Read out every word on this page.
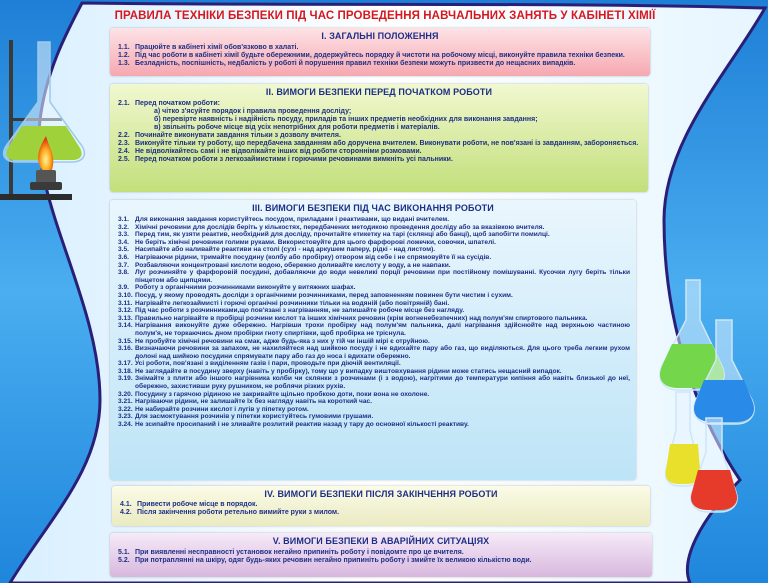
ПРАВИЛА ТЕХНІКИ БЕЗПЕКИ ПІД ЧАС ПРОВЕДЕННЯ НАВЧАЛЬНИХ ЗАНЯТЬ У КАБІНЕТІ ХІМІЇ
І. ЗАГАЛЬНІ ПОЛОЖЕННЯ
1.1. Працюйте в кабінеті хімії обов'язково в халаті.
1.2. Під час роботи в кабінеті хімії будьте обережними, додержуйтесь порядку й чистоти на робочому місці, виконуйте правила техніки безпеки.
1.3. Безладність, поспішність, недбалість у роботі й порушення правил техніки безпеки можуть призвести до нещасних випадків.
ІІ. ВИМОГИ БЕЗПЕКИ ПЕРЕД ПОЧАТКОМ РОБОТИ
2.1. Перед початком роботи:
а) чітко з'ясуйте порядок і правила проведення досліду;
б) перевірте наявність і надійність посуду, приладів та інших предметів необхідних для виконання завдання;
в) звільніть робоче місце від усіх непотрібних для роботи предметів і матеріалів.
2.2. Починайте виконувати завдання тільки з дозволу вчителя.
2.3. Виконуйте тільки ту роботу, що передбачена завданням або доручена вчителем. Виконувати роботи, не пов'язані із завданням, забороняється.
2.4. Не відволікайтесь самі і не відволікайте інших від роботи сторонніми розмовами.
2.5. Перед початком роботи з легкозаймистими і горючими речовинами вимкніть усі пальники.
ІІІ. ВИМОГИ БЕЗПЕКИ ПІД ЧАС ВИКОНАННЯ РОБОТИ
3.1. Для виконання завдання користуйтесь посудом, приладами і реактивами, що видані вчителем.
3.2. Хімічні речовини для дослідів беріть у кількостях, передбачених методикою проведення досліду або за вказівкою вчителя.
3.3. Перед тим, як узяти реактив, необхідний для досліду, прочитайте етикетку на тарі (склянці або банці), щоб запобігти помилці.
3.4. Не беріть хімічні речовини голими руками. Використовуйте для цього фарфорові ложечки, совочки, шпателі.
3.5. Насипайте або наливайте реактиви на столі (сухі - над аркушем паперу, рідкі - над листом).
3.6. Нагріваючи рідини, тримайте посудину (колбу або пробірку) отвором від себе і не спрямовуйте її на сусідів.
3.7. Розбавляючи концентровані кислоти водою, обережно доливайте кислоту у воду, а не навпаки.
3.8. Луг розчиняйте у фарфоровій посудині, добавляючи до води невеликі порції речовини при постійному помішуванні. Кусочки лугу беріть тільки пінцетом або щипцями.
3.9. Роботу з органічними розчинниками виконуйте у витяжних шафах.
3.10. Посуд, у якому проводять досліди з органічними розчинниками, перед заповненням повинен бути чистим і сухим.
3.11. Нагрівайте легкозаймисті і горючі органічні розчинники тільки на водяній (або повітряній) бані.
3.12. Під час роботи з розчинниками,що пов'язані з нагріванням, не залишайте робоче місце без нагляду.
3.13. Правильно нагрівайте в пробірці розчини кислот та інших хімічних речовин (крім вогненебезпечних) над полум'ям спиртового пальника.
3.14. Нагрівання виконуйте дуже обережно. Нагрівши трохи пробірку над полум'ям пальника, далі нагрівання здійснюйте над верхньою частиною полум'я, не торкаючись дном пробірки гноту спиртівки, щоб пробірка не тріснула.
3.15. Не пробуйте хімічні речовини на смак, адже будь-яка з них у тій чи іншій мірі є отруйною.
3.16. Визначаючи речовини за запахом, не нахиляйтеся над шийкою посуду і не вдихайте пару або газ, що виділяються. Для цього треба легким рухом долоні над шийкою посудини спрямувати пару або газ до носа і вдихати обережно.
3.17. Усі роботи, пов'язані з виділенням газів і пари, проводьте при діючій вентиляції.
3.18. Не заглядайте в посудину зверху (навіть у пробірку), тому що у випадку виштовхування рідини може статись нещасний випадок.
3.19. Знімайте з плити або іншого нагрівника колби чи склянки з розчинами (і з водою), нагрітими до температури кипіння або навіть близької до неї, обережно, захистивши руку рушником, не роблячи різких рухів.
3.20. Посудину з гарячою рідиною не закривайте щільно пробкою доти, поки вона не охолоне.
3.21. Нагріваючи рідини, не залишайте їх без нагляду навіть на короткий час.
3.22. Не набирайте розчини кислот і лугів у піпетку ротом.
3.23. Для засмоктування розчинів у піпетки користуйтесь гумовими грушами.
3.24. Не зсипайте просипаний і не зливайте розлитий реактив назад у тару до основної кількості реактиву.
IV. ВИМОГИ БЕЗПЕКИ ПІСЛЯ ЗАКІНЧЕННЯ РОБОТИ
4.1. Привести робоче місце в порядок.
4.2. Після закінчення роботи ретельно вимийте руки з милом.
V. ВИМОГИ БЕЗПЕКИ В АВАРІЙНИХ СИТУАЦІЯХ
5.1. При виявленні несправності установок негайно припиніть роботу і повідомте про це вчителя.
5.2. При потраплянні на шкіру, одяг будь-яких речовин негайно припиніть роботу і змийте їх великою кількістю води.
